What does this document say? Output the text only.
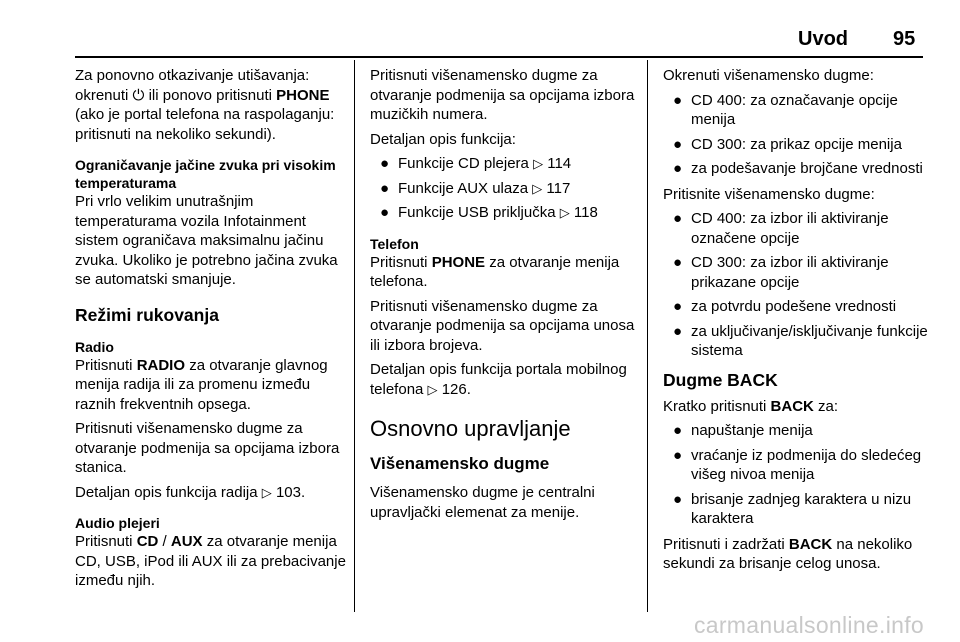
Uvod 95

Za ponovno otkazivanje utišavanja: okrenuti ⏻ ili ponovo pritisnuti PHONE (ako je portal telefona na raspolaganju: pritisnuti na nekoliko sekundi).

Ograničavanje jačine zvuka pri visokim temperaturama

Pri vrlo velikim unutrašnjim temperaturama vozila Infotainment sistem ograničava maksimalnu jačinu zvuka. Ukoliko je potrebno jačina zvuka se automatski smanjuje.

Režimi rukovanja
Radio

Pritisnuti RADIO za otvaranje glavnog menija radija ili za promenu između raznih frekventnih opsega.

Pritisnuti višenamensko dugme za otvaranje podmenija sa opcijama izbora stanica.

Detaljan opis funkcija radija ▷ 103.

Audio plejeri

Pritisnuti CD / AUX za otvaranje menija CD, USB, iPod ili AUX ili za prebacivanje između njih.

Pritisnuti višenamensko dugme za otvaranje podmenija sa opcijama izbora muzičkih numera.

Detaljan opis funkcija:

● Funkcije CD plejera ▷ 114
● Funkcije AUX ulaza ▷ 117
● Funkcije USB priključka ▷ 118
Telefon

Pritisnuti PHONE za otvaranje menija telefona.

Pritisnuti višenamensko dugme za otvaranje podmenija sa opcijama unosa ili izbora brojeva.

Detaljan opis funkcija portala mobilnog telefona ▷ 126.

Osnovno upravljanje
Višenamensko dugme

Višenamensko dugme je centralni upravljački elemenat za menije.

Okrenuti višenamensko dugme:

● CD 400: za označavanje opcije menija
● CD 300: za prikaz opcije menija
● za podešavanje brojčane vrednosti

Pritisnite višenamensko dugme:

● CD 400: za izbor ili aktiviranje označene opcije
● CD 300: za izbor ili aktiviranje prikazane opcije
● za potvrdu podešene vrednosti
● za uključivanje/isključivanje funkcije sistema
Dugme BACK

Kratko pritisnuti BACK za:

● napuštanje menija
● vraćanje iz podmenija do sledećeg višeg nivoa menija
● brisanje zadnjeg karaktera u nizu karaktera

Pritisnuti i zadržati BACK na nekoliko sekundi za brisanje celog unosa.

carmanualsonline.info
